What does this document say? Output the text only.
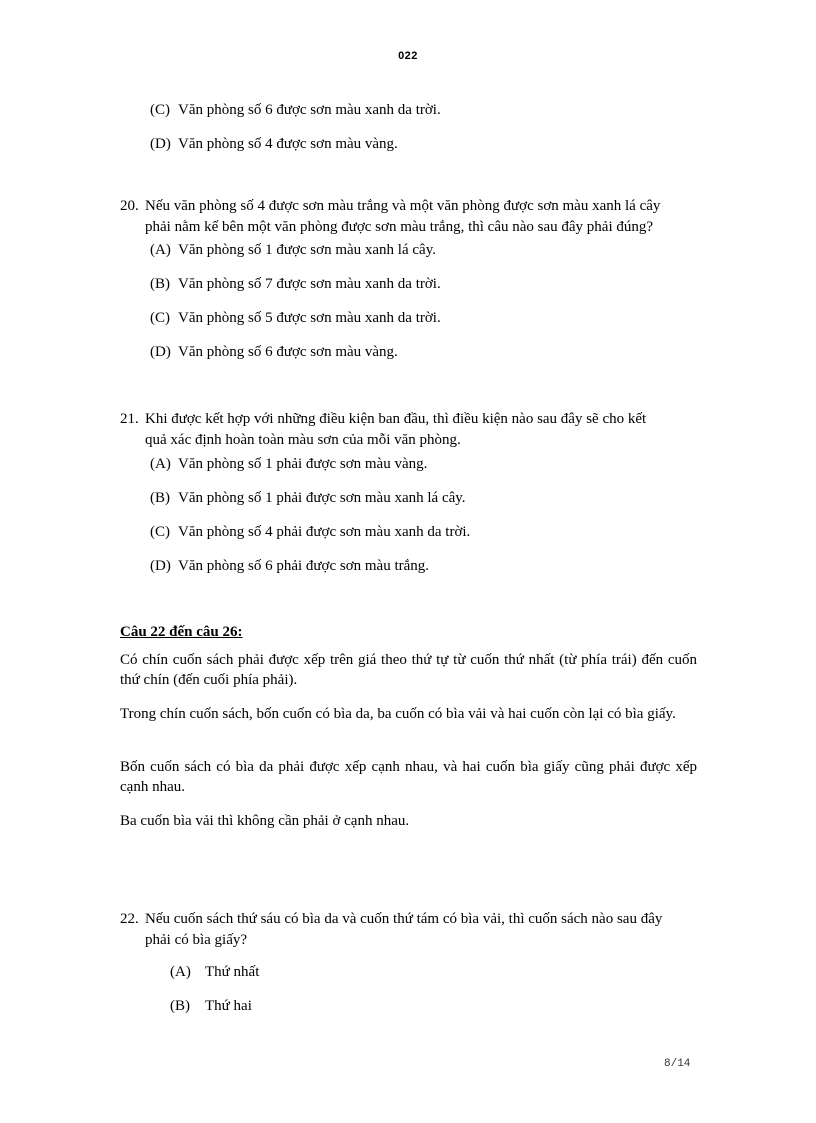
022
(C) Văn phòng số 6 được sơn màu xanh da trời.
(D) Văn phòng số 4 được sơn màu vàng.
20. Nếu văn phòng số 4 được sơn màu trắng và một văn phòng được sơn màu xanh lá cây
phải nằm kế bên một văn phòng được sơn màu trắng, thì câu nào sau đây phải đúng?
(A) Văn phòng số 1 được sơn màu xanh lá cây.
(B) Văn phòng số 7 được sơn màu xanh da trời.
(C) Văn phòng số 5 được sơn màu xanh da trời.
(D) Văn phòng số 6 được sơn màu vàng.
21. Khi được kết hợp với những điều kiện ban đầu, thì điều kiện nào sau đây sẽ cho kết
quả xác định hoàn toàn màu sơn của mỗi văn phòng.
(A) Văn phòng số 1 phải được sơn màu vàng.
(B) Văn phòng số 1 phải được sơn màu xanh lá cây.
(C) Văn phòng số 4 phải được sơn màu xanh da trời.
(D) Văn phòng số 6 phải được sơn màu trắng.
Câu 22 đến câu 26:
Có chín cuốn sách phải được xếp trên giá theo thứ tự từ cuốn thứ nhất (từ phía trái) đến cuốn thứ chín (đến cuối phía phải).
Trong chín cuốn sách, bốn cuốn có bìa da, ba cuốn có bìa vải và hai cuốn còn lại có bìa giấy.
Bốn cuốn sách có bìa da phải được xếp cạnh nhau, và hai cuốn bìa giấy cũng phải được xếp cạnh nhau.
Ba cuốn bìa vải thì không cần phải ở cạnh nhau.
22. Nếu cuốn sách thứ sáu có bìa da và cuốn thứ tám có bìa vải, thì cuốn sách nào sau đây
phải có bìa giấy?
(A) Thứ nhất
(B) Thứ hai
8/14
